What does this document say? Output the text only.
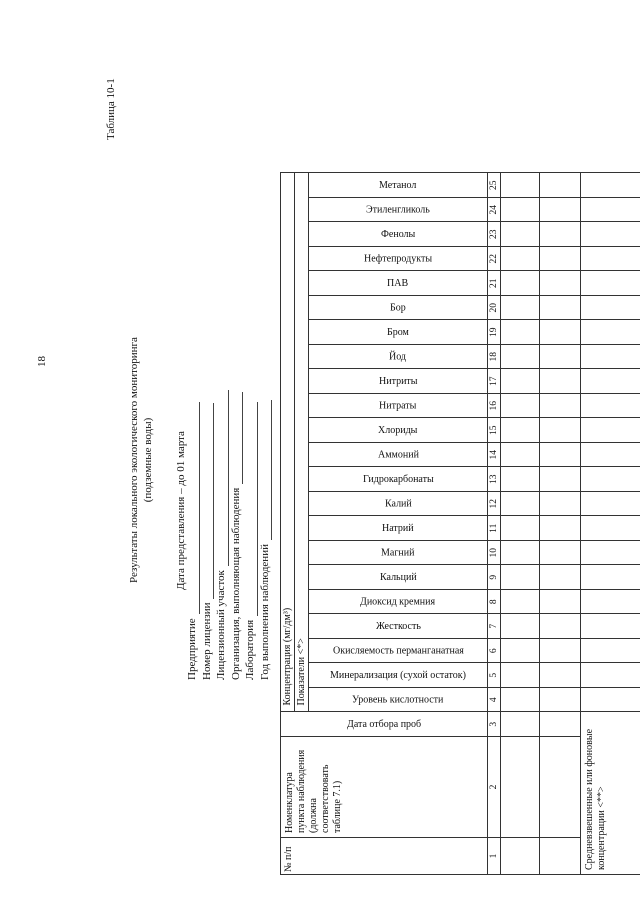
18
Таблица 10-1
Результаты локального экологического мониторинга (подземные воды) Дата представления – до 01 марта
Предприятие Номер лицензии Лицензионный участок Организация, выполняющая наблюдения Лаборатория Год выполнения наблюдений
№ п/п	Номенклатура пункта наблюдения (должна соответствовать таблице 7.1)	Дата отбора проб	Концентрация (мг/дм³)																					
			Показатели <*>																					

			Уровень кислотности	Минерализация (сухой остаток)	Окисляемость перманганатная	Жесткость	Диоксид кремния	Кальций	Магний	Натрий	Калий	Гидрокарбонаты	Аммоний	Хлориды	Нитраты	Нитриты	Йод	Бром	Бор	ПАВ	Нефтепродукты	Фенолы	Этиленгликоль	Метанол

1	2	3	4	5	6	7	8	9	10	11	12	13	14	15	16	17	18	19	20	21	22	23	24	25

Средневзвешенные или фоновые концентрации <**>																								
